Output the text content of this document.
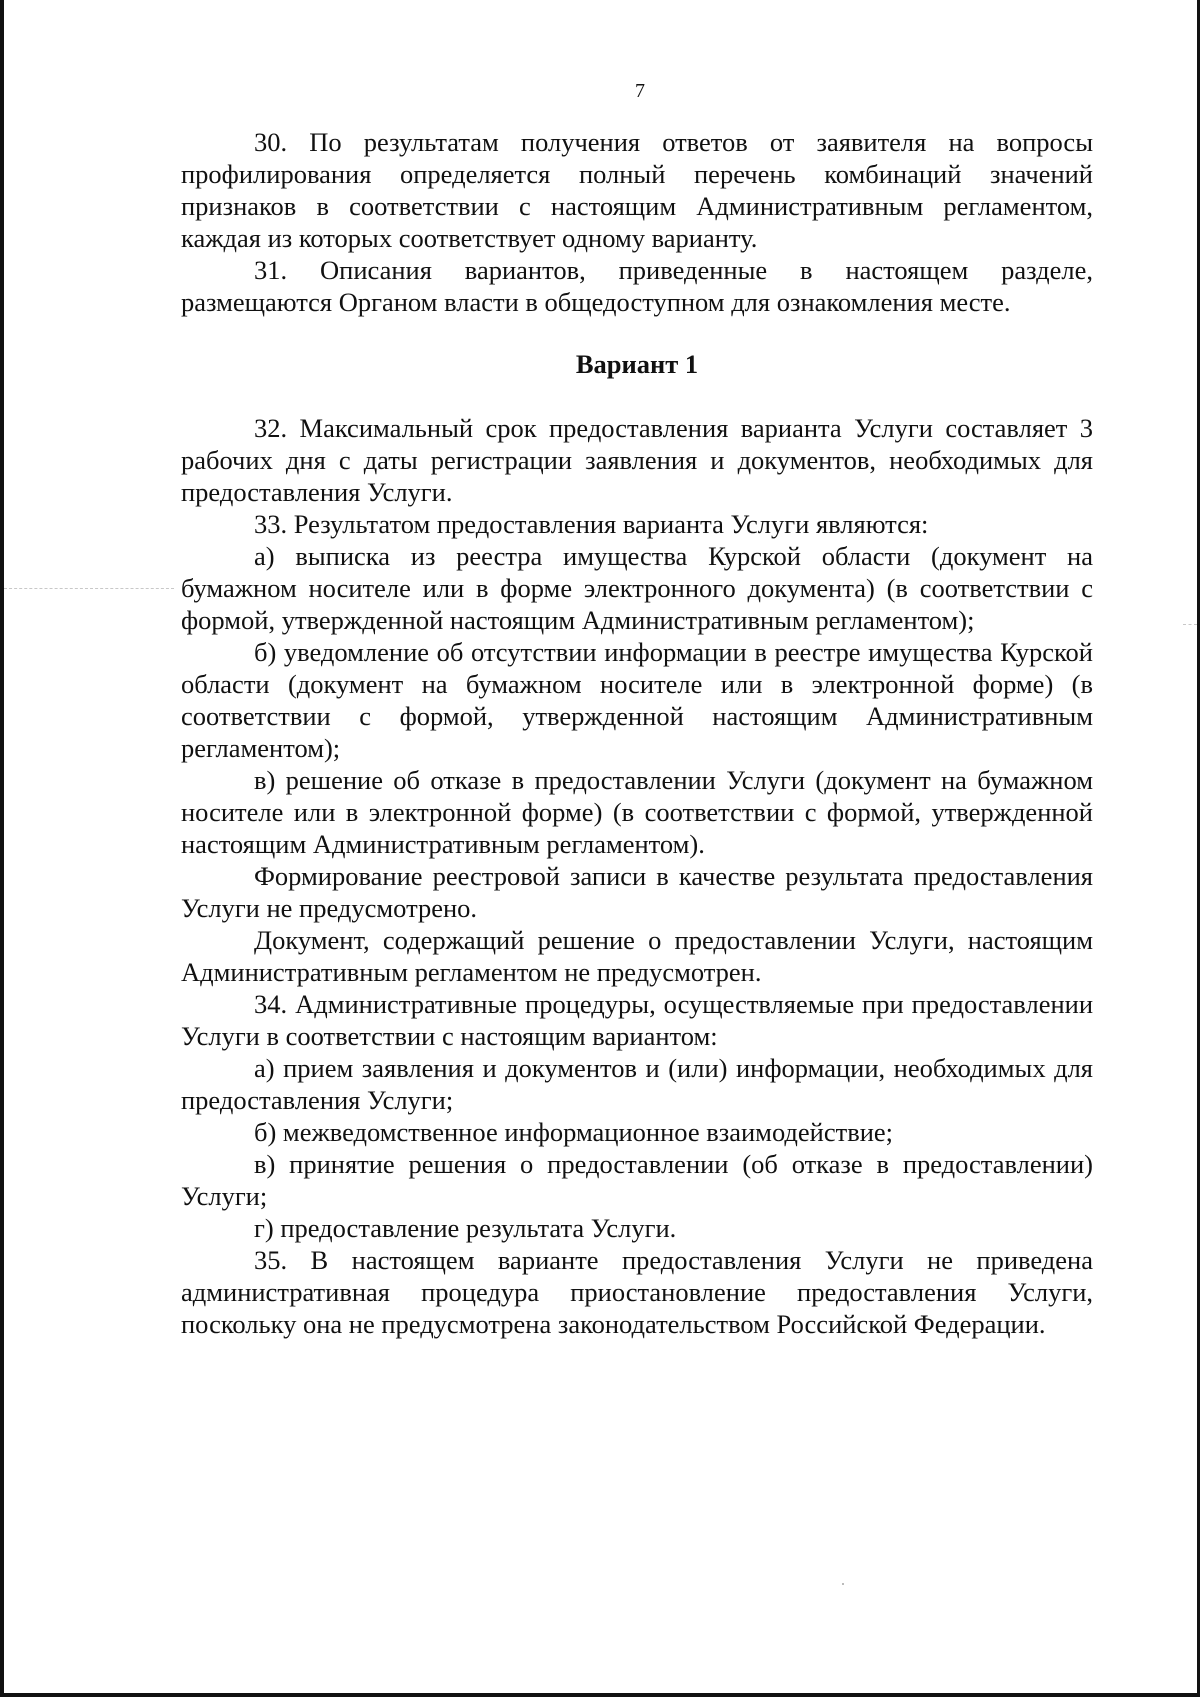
7

30. По результатам получения ответов от заявителя на вопросы профилирования определяется полный перечень комбинаций значений признаков в соответствии с настоящим Административным регламентом, каждая из которых соответствует одному варианту.

31. Описания вариантов, приведенные в настоящем разделе, размещаются Органом власти в общедоступном для ознакомления месте.

Вариант 1

32. Максимальный срок предоставления варианта Услуги составляет 3 рабочих дня с даты регистрации заявления и документов, необходимых для предоставления Услуги.

33. Результатом предоставления варианта Услуги являются:

а) выписка из реестра имущества Курской области (документ на бумажном носителе или в форме электронного документа) (в соответствии с формой, утвержденной настоящим Административным регламентом);

б) уведомление об отсутствии информации в реестре имущества Курской области (документ на бумажном носителе или в электронной форме) (в соответствии с формой, утвержденной настоящим Административным регламентом);

в) решение об отказе в предоставлении Услуги (документ на бумажном носителе или в электронной форме) (в соответствии с формой, утвержденной настоящим Административным регламентом).

Формирование реестровой записи в качестве результата предоставления Услуги не предусмотрено.

Документ, содержащий решение о предоставлении Услуги, настоящим Административным регламентом не предусмотрен.

34. Административные процедуры, осуществляемые при предоставлении Услуги в соответствии с настоящим вариантом:

а) прием заявления и документов и (или) информации, необходимых для предоставления Услуги;

б) межведомственное информационное взаимодействие;

в) принятие решения о предоставлении (об отказе в предоставлении) Услуги;

г) предоставление результата Услуги.

35. В настоящем варианте предоставления Услуги не приведена административная процедура приостановление предоставления Услуги, поскольку она не предусмотрена законодательством Российской Федерации.
